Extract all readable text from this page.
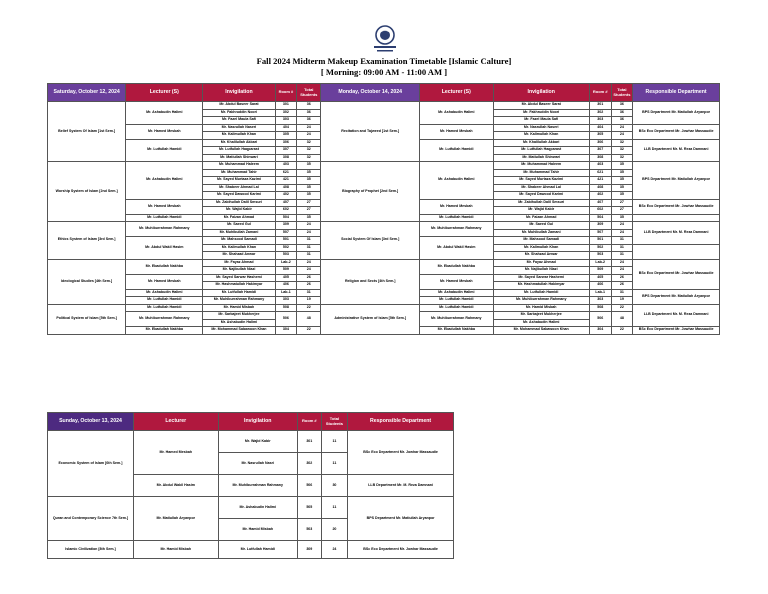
Fall 2024 Midterm Makeup Examination Timetable [Islamic Calture]
[ Morning: 09:00 AM - 11:00 AM ]
Saturday, October 12, 2024	Lecturer (S)	Invigilation	Room #	Total Students	Monday, October 14, 2024	Lecturer (S)	Invigilation	Room #	Total Students	Responsible Department
Belief System Of Islam [1st Sem.]	Mr. Ashabudin Halimi	Mr. Abdul Baseer Sarat	301	36	Recitation and Tajweed [1st Sem.]	Mr. Ashabudin Halimi	Mr. Abdul Baseer Sarat	301	36	BPS Department Mr. Matiullah Aryanpor
		Mr. Fakhruddin Noori	302	36			Mr. Fakhruddin Noori	302	36	
		Mr. Fazel Maula Safi	303	36			Mr. Fazel Maula Safi	303	36	
	Mr. Hamed Mesbah	Mr. Nasrullah Naseri	404	24		Mr. Hamed Mesbah	Mr. Nasrullah Naseri	404	24	BSc Eco Department Mr. Jowhar Massaudie
		Mr. Kalimullah Khan	305	24			Mr. Kalimullah Khan	305	24	
	Mr. Lutfullah Hamidi	Mr. Khalilullah Akbari	306	32		Mr. Lutfullah Hamidi	Mr. Khalilullah Akbari	306	32	LLB Department Mr. M. Reza Damnani
		Mr. Lutfullah Haqparast	307	32			Mr. Lutfullah Haqparast	307	32	
		Mr. Matiullah Shinwari	308	32			Mr. Matiullah Shinwari	308	32	
Worship System of Islam [2nd Sem.]	Mr. Ashabudin Halimi	Mr. Muhammad Haleem	403	35	Biography of Prophet [2nd Sem.]	Mr. Ashabudin Halimi	Mr. Muhammad Haleem	403	35	BPS Department Mr. Matiullah Aryanpor
		Mr. Muhammad Tahir	621	35			Mr. Muhammad Tahir	621	35	
		Mr. Sayed Murtaza Kazimi	421	35			Mr. Sayed Murtaza Kazimi	421	35	
		Mr. Shabeer Ahmad Lal	408	35			Mr. Shabeer Ahmad Lal	408	35	
		Mr. Sayed Dawood Karimi	402	35			Mr. Sayed Dawood Karimi	402	35	
	Mr. Hamed Mesbah	Mr. Zabihullah Dalil Smsuri	407	27		Mr. Hamed Mesbah	Mr. Zabihullah Dalil Smsuri	407	27	BSc Eco Department Mr. Jowhar Massaudie
		Mr. Wajid Kabir	602	27			Mr. Wajid Kabir	602	27	
	Mr. Lutfullah Hamidi	Mr. Faizan Ahmad	504	35		Mr. Lutfullah Hamidi	Mr. Faizan Ahmad	504	35	
Ethics System of Islam [3rd Sem.]	Mr. Muhiburrahman Rahmany	Mr. Saeed Gul	309	24	Social System Of Islam [3rd Sem.]	Mr. Muhiburrahman Rahmany	Mr. Saeed Gul	309	24	LLB Department Mr. M. Reza Damnani
		Mr. Muhibullah Zamani	507	24			Mr. Muhibullah Zamani	507	24	
	Mr. Abdul Wakil Hasim	Mr. Mahsood Samadi	501	31		Mr. Abdul Wakil Hasim	Mr. Mahsood Samadi	501	31	
		Mr. Kalimullah Khan	502	31			Mr. Kalimullah Khan	502	31	
		Mr. Shahzad Anwar	503	31			Mr. Shahzad Anwar	503	31	
Ideological Studies [4th Sem.]	Mr. Ebadullah Nakhba	Mr. Fayaz Ahmad	Lab-2	24	Religion and Sects [4th Sem.]	Mr. Ebadullah Nakhba	Mr. Fayaz Ahmad	Lab-2	24	BSc Eco Department Mr. Jowhar Massaudie
		Mr. Najibullah Niazi	509	24			Mr. Najibullah Niazi	509	24	
	Mr. Hamed Mesbah	Mr. Sayed Sarwar Hashemi	405	26		Mr. Hamed Mesbah	Mr. Sayed Sarwar Hashemi	405	26	
		Mr. Hashmatullah Hakimyar	406	26			Mr. Hashmatullah Hakimyar	406	26	
	Mr. Ashabudin Halimi	Mr. Lutfullah Hamidi	Lab-1	31		Mr. Ashabudin Halimi	Mr. Lutfullah Hamidi	Lab-1	31	BPS Department Mr. Matiullah Aryanpor
	Mr. Lutfullah Hamidi	Mr. Muhiburrahman Rahmany	303	19		Mr. Lutfullah Hamidi	Mr. Muhiburrahman Rahmany	303	19	
Political System of Islam [5th Sem.]	Mr. Lutfullah Hamidi	Mr. Hamid Misbah	508	22	Administrative System of Islam [5th Sem.]	Mr. Lutfullah Hamidi	Mr. Hamid Misbah	508	22	LLB Department Mr. M. Reza Damnani
	Mr. Muhiburrahman Rahmany	Mr. Sarbajeet Mukherjee	506	48		Mr. Muhiburrahman Rahmany	Mr. Sarbajeet Mukherjee	506	48	
		Mr. Ashabudin Halimi					Mr. Ashabudin Halimi			
	Mr. Ebadullah Nakhba	Mr. Mohammad Sabawoon Khan	304	22		Mr. Ebadullah Nakhba	Mr. Mohammad Sabawoon Khan	304	22	BSc Eco Department Mr. Jowhar Massaudie
Sunday, October 13, 2024	Lecturer	Invigilation	Room #	Total Students	Responsible Department
Economic System of Islam [6th Sem.]	Mr. Hamed Mesbah	Mr. Wajid Kabir	301	11	BSc Eco Department Mr. Jowhar Massaudie
		Mr. Nasrullah Nasri	302	11	
	Mr. Abdul Wakil Hasim	Mr. Muhiburrahman Rahmany	506	30	LLB Department Mr. M. Reza Damnani
Quran and Contemporary Science 7th Sem.]	Mr. Matiullah Aryanpor	Mr. Ashabudin Halimi	505	11	BPS Department Mr. Matiullah Aryanpor
		Mr. Hamid Misbah	503	20	
Islamic Civilization [8th Sem.]	Mr. Hamid Misbah	Mr. Lutfullah Hamidi	309	24	BSc Eco Department Mr. Jowhar Massaudie
